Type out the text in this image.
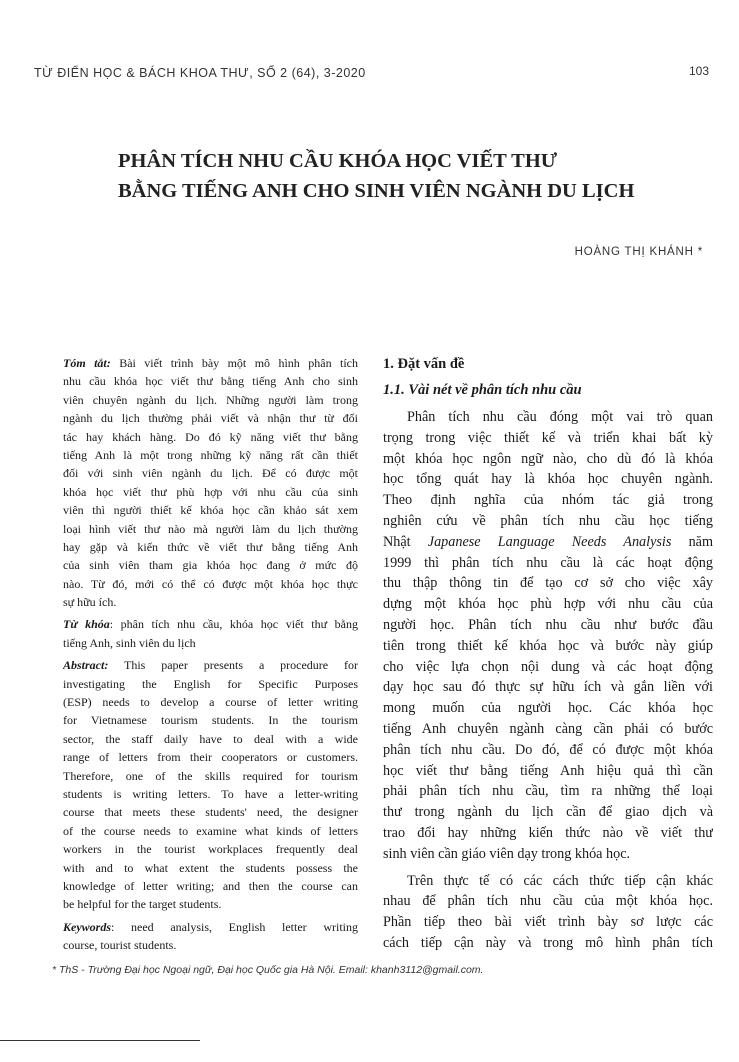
TỪ ĐIỂN HỌC & BÁCH KHOA THƯ, SỐ 2 (64), 3-2020	103
PHÂN TÍCH NHU CẦU KHÓA HỌC VIẾT THƯ
BẰNG TIẾNG ANH CHO SINH VIÊN NGÀNH DU LỊCH
HOÀNG THỊ KHÁNH *
Tóm tắt: Bài viết trình bày một mô hình phân tích
nhu cầu khóa học viết thư bằng tiếng Anh cho sinh
viên chuyên ngành du lịch. Những người làm trong
ngành du lịch thường phải viết và nhận thư từ đối
tác hay khách hàng. Do đó kỹ năng viết thư bằng
tiếng Anh là một trong những kỹ năng rất cần thiết
đối với sinh viên ngành du lịch. Để có được một
khóa học viết thư phù hợp với nhu cầu của sinh
viên thì người thiết kế khóa học cần khảo sát xem
loại hình viết thư nào mà người làm du lịch thường
hay gặp và kiến thức về viết thư bằng tiếng Anh
của sinh viên tham gia khóa học đang ở mức độ
nào. Từ đó, mới có thể có được một khóa học thực
sự hữu ích.
Từ khóa: phân tích nhu cầu, khóa học viết thư bằng
tiếng Anh, sinh viên du lịch
Abstract: This paper presents a procedure for
investigating the English for Specific Purposes
(ESP) needs to develop a course of letter writing
for Vietnamese tourism students. In the tourism
sector, the staff daily have to deal with a wide
range of letters from their cooperators or customers.
Therefore, one of the skills required for tourism
students is writing letters. To have a letter-writing
course that meets these students' need, the designer
of the course needs to examine what kinds of letters
workers in the tourist workplaces frequently deal
with and to what extent the students possess the
knowledge of letter writing; and then the course can
be helpful for the target students.
Keywords: need analysis, English letter writing
course, tourist students.
1. Đặt vấn đề
1.1. Vài nét về phân tích nhu cầu
Phân tích nhu cầu đóng một vai trò quan
trọng trong việc thiết kế và triển khai bất kỳ
một khóa học ngôn ngữ nào, cho dù đó là khóa
học tổng quát hay là khóa học chuyên ngành.
Theo định nghĩa của nhóm tác giả trong
nghiên cứu về phân tích nhu cầu học tiếng
Nhật Japanese Language Needs Analysis năm
1999 thì phân tích nhu cầu là các hoạt động
thu thập thông tin để tạo cơ sở cho việc xây
dựng một khóa học phù hợp với nhu cầu của
người học. Phân tích nhu cầu như bước đầu
tiên trong thiết kế khóa học và bước này giúp
cho việc lựa chọn nội dung và các hoạt động
dạy học sau đó thực sự hữu ích và gắn liền với
mong muốn của người học. Các khóa học
tiếng Anh chuyên ngành càng cần phải có bước
phân tích nhu cầu. Do đó, để có được một khóa
học viết thư bằng tiếng Anh hiệu quả thì cần
phải phân tích nhu cầu, tìm ra những thể loại
thư trong ngành du lịch cần để giao dịch và
trao đổi hay những kiến thức nào về viết thư
sinh viên cần giáo viên dạy trong khóa học.
Trên thực tế có các cách thức tiếp cận khác
nhau để phân tích nhu cầu của một khóa học.
Phần tiếp theo bài viết trình bày sơ lược các
cách tiếp cận này và trong mô hình phân tích
* ThS - Trường Đại học Ngoại ngữ, Đại học Quốc gia Hà Nội. Email: khanh3112@gmail.com.
